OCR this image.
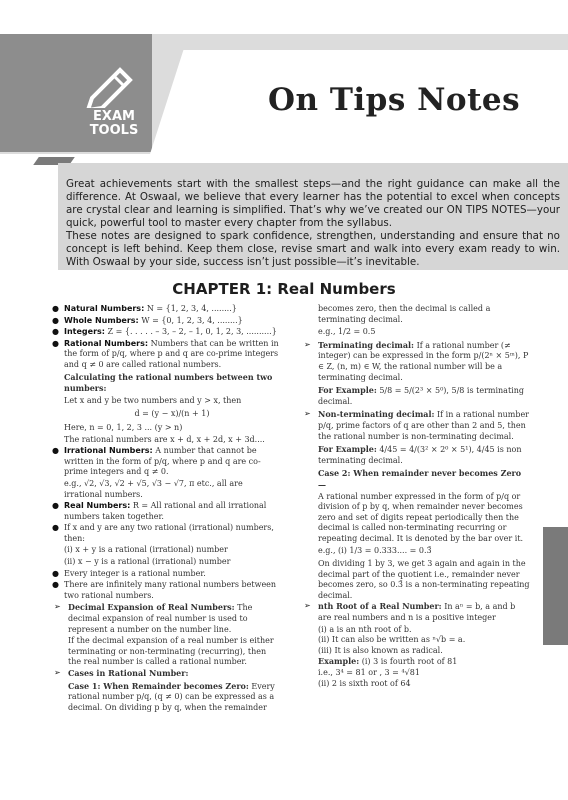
EXAM
TOOLS
On Tips Notes

Great achievements start with the smallest steps—and the right guidance can make all the difference. At Oswaal, we believe that every learner has the potential to excel when concepts are crystal clear and learning is simplified. That’s why we’ve created our ON TIPS NOTES—your quick, powerful tool to master every chapter from the syllabus.

These notes are designed to spark confidence, strengthen, understanding and ensure that no concept is left behind. Keep them close, revise smart and walk into every exam ready to win. With Oswaal by your side, success isn’t just possible—it’s inevitable.

CHAPTER 1: Real Numbers
● Natural Numbers: N = {1, 2, 3, 4, ........}
● Whole Numbers: W = {0, 1, 2, 3, 4, ........}
● Integers: Z = {. . . . . – 3, – 2, – 1, 0, 1, 2, 3, ..........}
● Rational Numbers: Numbers that can be written in the form of p/q, where p and q are co-prime integers and q ≠ 0 are called rational numbers.
Calculating the rational numbers between two numbers:
Let x and y be two numbers and y > x, then
d = (y − x)/(n + 1)
Here, n = 0, 1, 2, 3 ... (y > n)
The rational numbers are x + d, x + 2d, x + 3d....
● Irrational Numbers: A number that cannot be written in the form of p/q, where p and q are co-prime integers and q ≠ 0.
e.g., √2, √3, √2 + √5, √3 − √7, π etc., all are irrational numbers.
● Real Numbers: R = All rational and all irrational numbers taken together.
● If x and y are any two rational (irrational) numbers, then:
(i) x + y is a rational (irrational) number
(ii) x − y is a rational (irrational) number
● Every integer is a rational number.
● There are infinitely many rational numbers between two rational numbers.
➢ Decimal Expansion of Real Numbers: The decimal expansion of real number is used to represent a number on the number line.
If the decimal expansion of a real number is either terminating or non-terminating (recurring), then the real number is called a rational number.
➢ Cases in Rational Number:
Case 1: When Remainder becomes Zero: Every rational number p/q, (q ≠ 0) can be expressed as a decimal. On dividing p by q, when the remainder
becomes zero, then the decimal is called a terminating decimal.
e.g., 1/2 = 0.5
➢ Terminating decimal: If a rational number (≠ integer) can be expressed in the form p/(2ⁿ × 5ᵐ), P ∈ Z, (n, m) ∈ W, the rational number will be a terminating decimal.
For Example: 5/8 = 5/(2³ × 5⁰), 5/8 is terminating decimal.
➢ Non-terminating decimal: If in a rational number p/q, prime factors of q are other than 2 and 5, then the rational number is non-terminating decimal.
For Example: 4/45 = 4/(3² × 2⁰ × 5¹), 4/45 is non terminating decimal.
Case 2: When remainder never becomes Zero —
A rational number expressed in the form of p/q or division of p by q, when remainder never becomes zero and set of digits repeat periodically then the decimal is called non-terminating recurring or repeating decimal. It is denoted by the bar over it.
e.g., (i) 1/3 = 0.333.... = 0.3̄
On dividing 1 by 3, we get 3 again and again in the decimal part of the quotient i.e., remainder never becomes zero, so 0.3̄ is a non-terminating repeating decimal.
➢ nth Root of a Real Number: In aⁿ = b, a and b are real numbers and n is a positive integer
(i) a is an nth root of b.
(ii) It can also be written as ⁿ√b = a.
(iii) It is also known as radical.
Example: (i) 3 is fourth root of 81
i.e., 3⁴ = 81 or , 3 = ⁴√81
(ii) 2 is sixth root of 64
